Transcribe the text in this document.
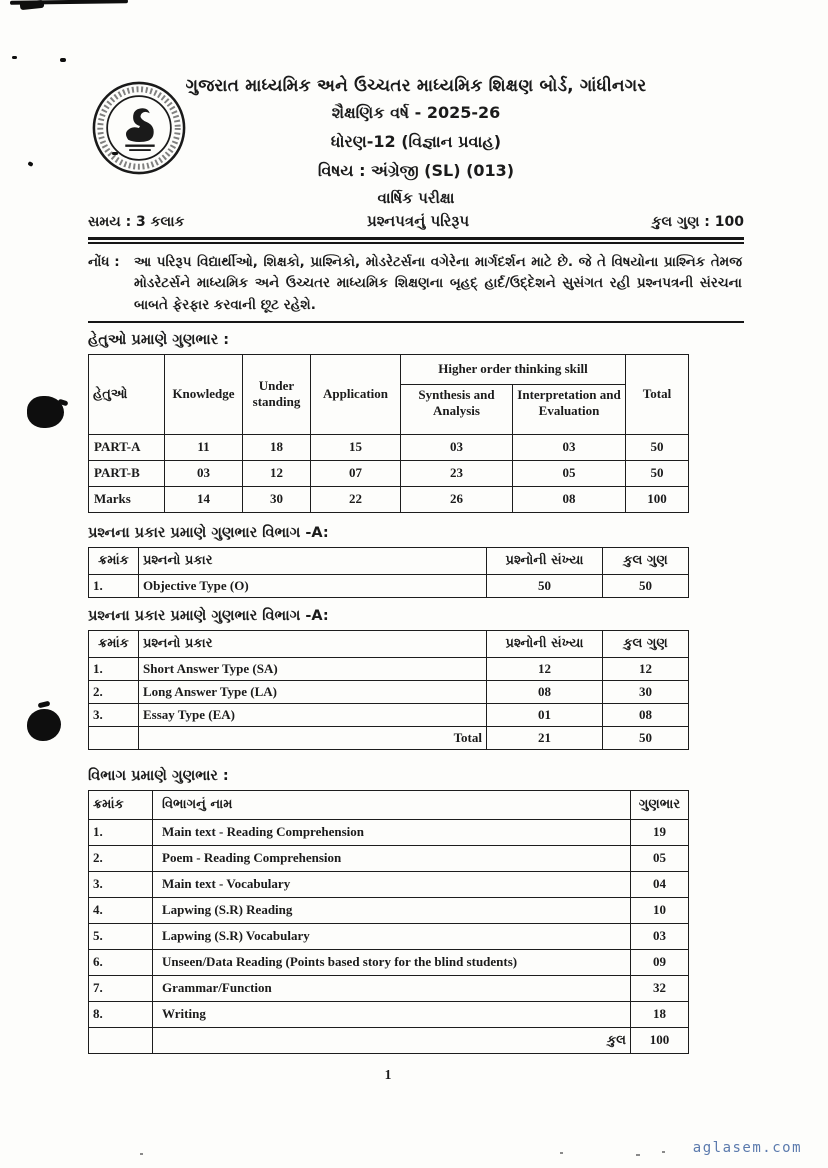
ગુજરાત માધ્યમિક અને ઉચ્ચતર માધ્યમિક શિક્ષણ બોર્ડ, ગાંધીનગર
શૈક્ષણિક વર્ષ - 2025-26
ધોરણ-12 (વિજ્ઞાન પ્રવાહ)
વિષય : અંગ્રેજી (SL) (013)
વાર્ષિક પરીક્ષા
સમય : 3 કલાક	પ્રશ્નપત્રનું પરિરૂપ	કુલ ગુણ : 100
નોંધ :	આ પરિરૂપ વિદ્યાર્થીઓ, શિક્ષકો, પ્રાશ્નિકો, મોડરેટર્સના વગેરેના માર્ગદર્શન માટે છે. જે તે વિષયોના પ્રાશ્નિક તેમજ મોડરેટર્સને માધ્યમિક અને ઉચ્ચતર માધ્યમિક શિક્ષણના બૃહદ્ હાર્દ/ઉદ્દેશને સુસંગત રહી પ્રશ્નપત્રની સંરચના બાબતે ફેરફાર કરવાની છૂટ રહેશે.
હેતુઓ પ્રમાણે ગુણભાર :
હેતુઓ	Knowledge	Under standing	Application	Higher order thinking skill		Total
				Synthesis and Analysis	Interpretation and Evaluation	
PART-A	11	18	15	03	03	50
PART-B	03	12	07	23	05	50
Marks	14	30	22	26	08	100
પ્રશ્નના પ્રકાર પ્રમાણે ગુણભાર વિભાગ -A:
ક્રમાંક	પ્રશ્નનો પ્રકાર	પ્રશ્નોની સંખ્યા	કુલ ગુણ
1.	Objective Type (O)	50	50
પ્રશ્નના પ્રકાર પ્રમાણે ગુણભાર વિભાગ -A:
ક્રમાંક	પ્રશ્નનો પ્રકાર	પ્રશ્નોની સંખ્યા	કુલ ગુણ
1.	Short Answer Type (SA)	12	12
2.	Long Answer Type (LA)	08	30
3.	Essay Type (EA)	01	08
	Total	21	50
વિભાગ પ્રમાણે ગુણભાર :
ક્રમાંક	વિભાગનું નામ	ગુણભાર
1.	Main text - Reading Comprehension	19
2.	Poem - Reading Comprehension	05
3.	Main text - Vocabulary	04
4.	Lapwing (S.R) Reading	10
5.	Lapwing (S.R) Vocabulary	03
6.	Unseen/Data Reading (Points based story for the blind students)	09
7.	Grammar/Function	32
8.	Writing	18
	કુલ	100
1
aglasem.com
